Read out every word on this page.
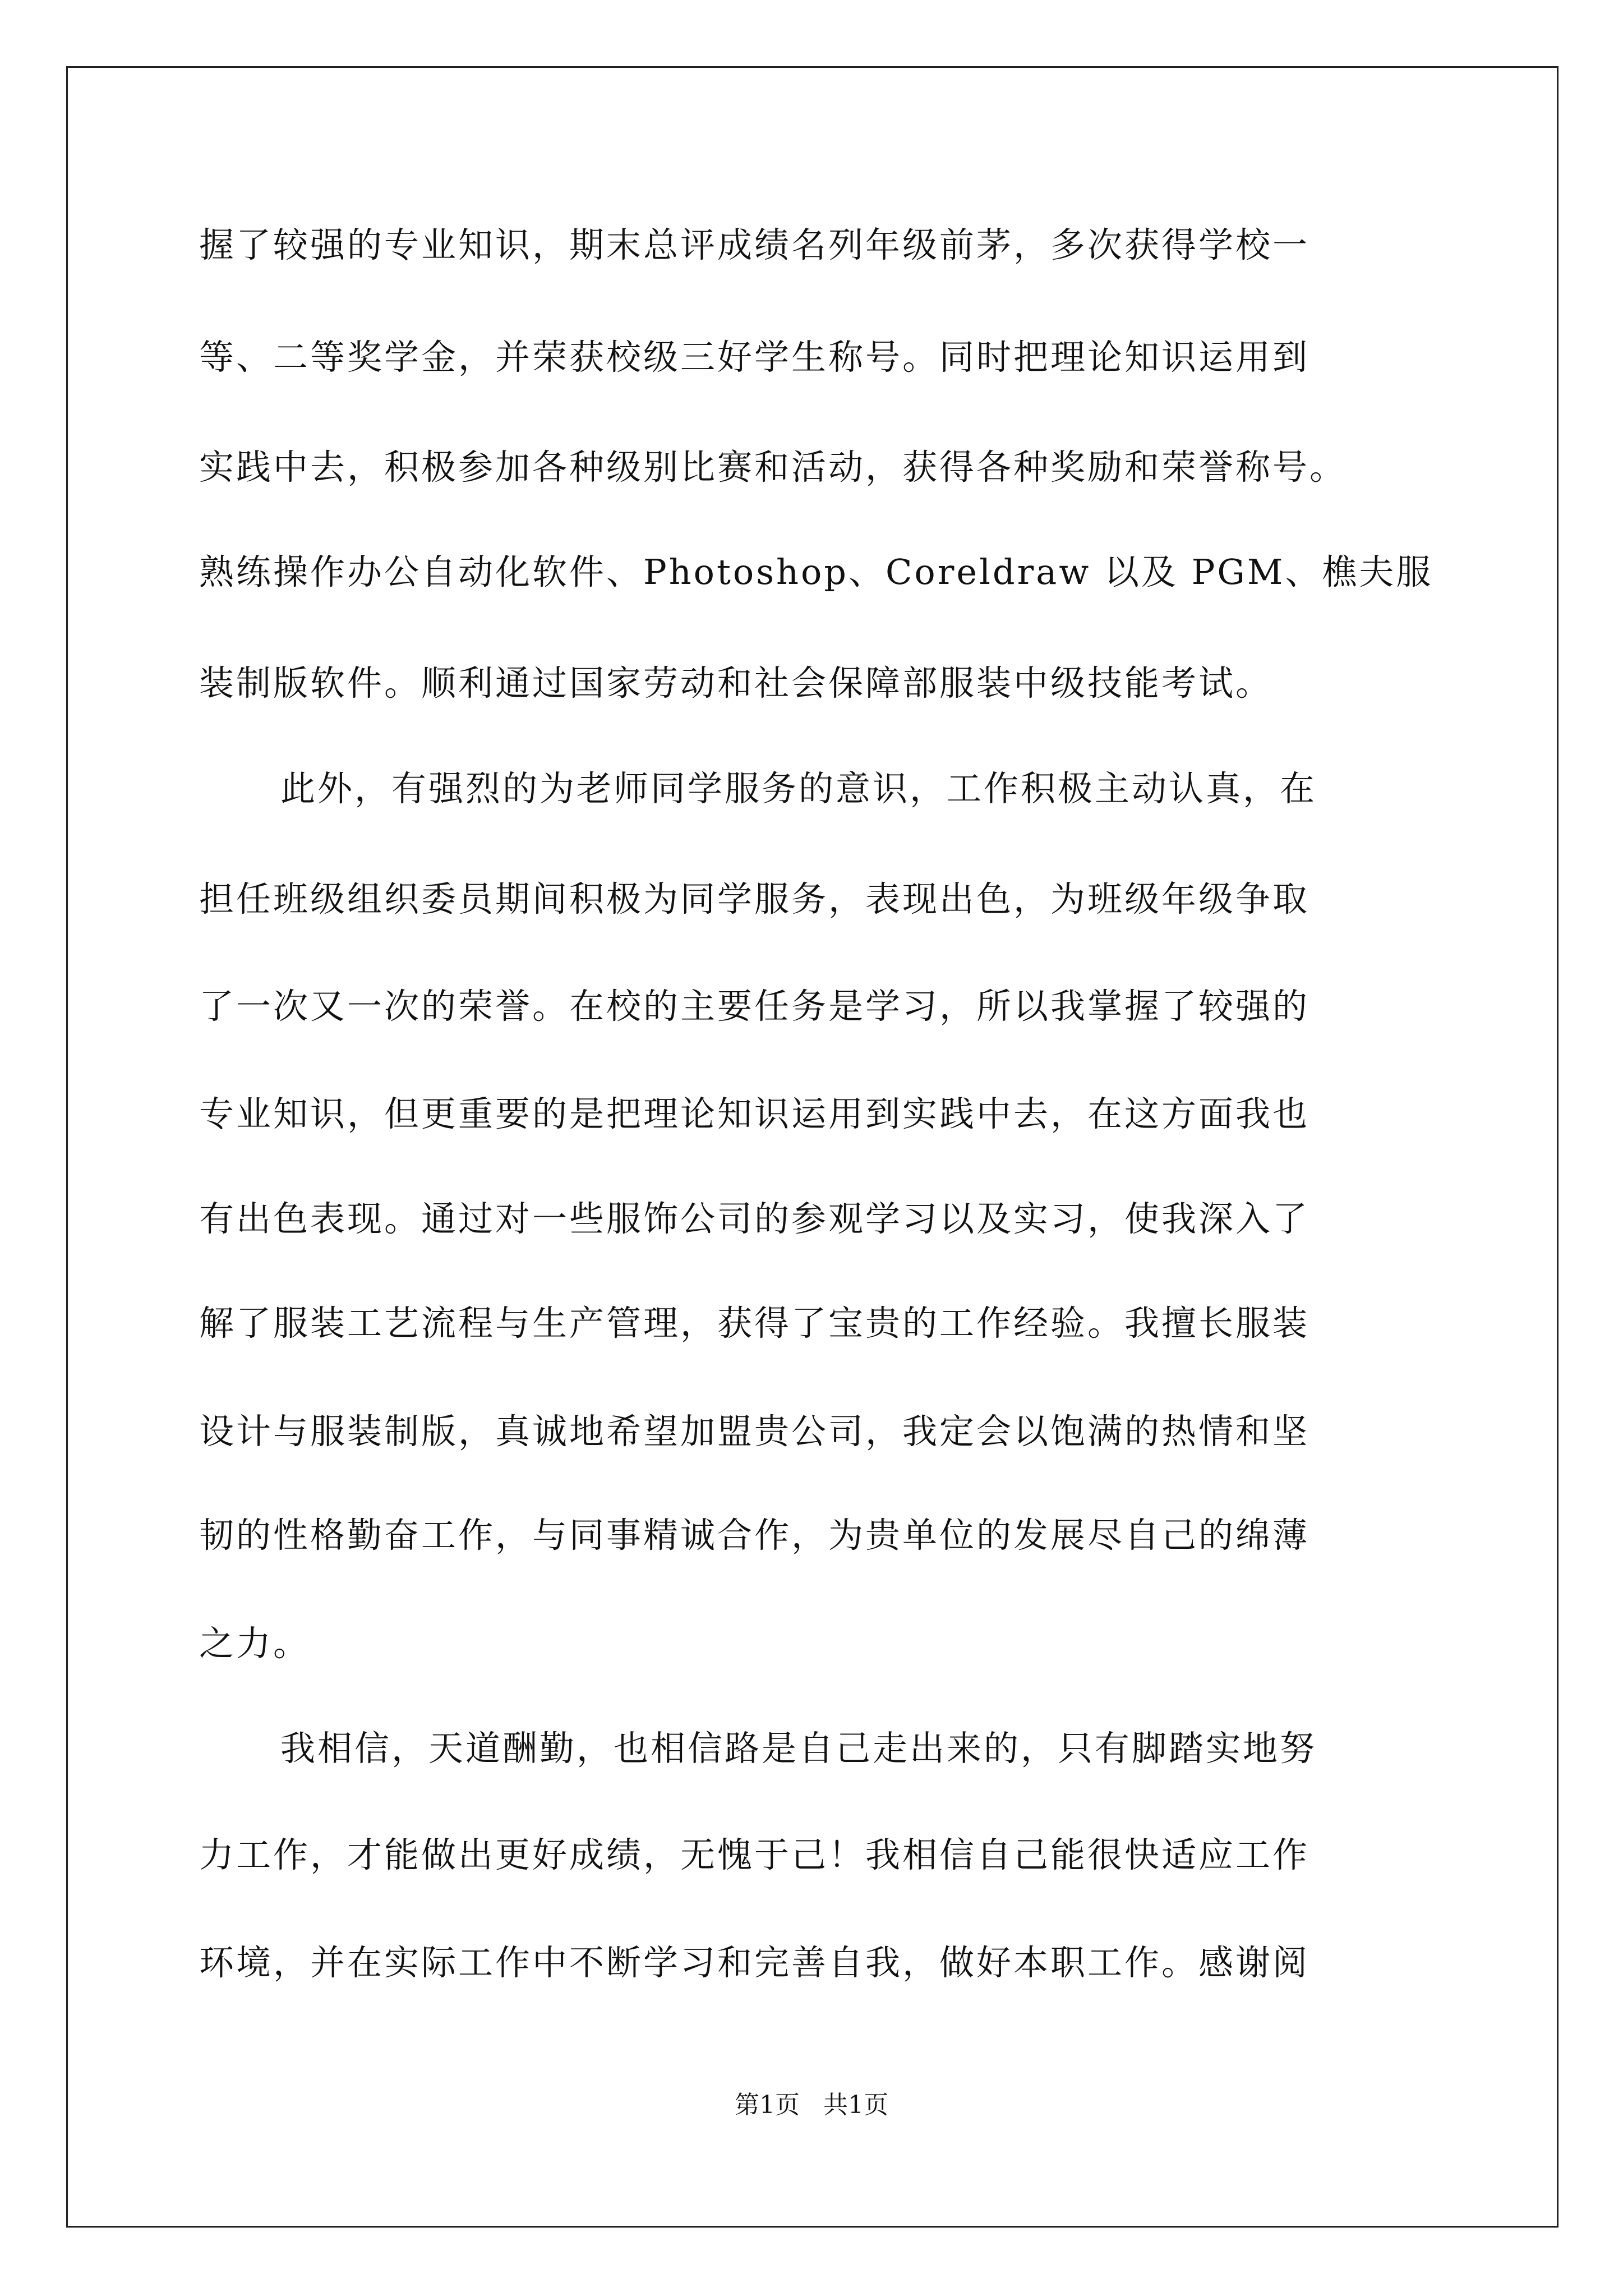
握了较强的专业知识，期末总评成绩名列年级前茅，多次获得学校一
等、二等奖学金，并荣获校级三好学生称号。同时把理论知识运用到
实践中去，积极参加各种级别比赛和活动，获得各种奖励和荣誉称号。
熟练操作办公自动化软件、Photoshop、Coreldraw 以及 PGM、樵夫服
装制版软件。顺利通过国家劳动和社会保障部服装中级技能考试。
此外，有强烈的为老师同学服务的意识，工作积极主动认真，在
担任班级组织委员期间积极为同学服务，表现出色，为班级年级争取
了一次又一次的荣誉。在校的主要任务是学习，所以我掌握了较强的
专业知识，但更重要的是把理论知识运用到实践中去，在这方面我也
有出色表现。通过对一些服饰公司的参观学习以及实习，使我深入了
解了服装工艺流程与生产管理，获得了宝贵的工作经验。我擅长服装
设计与服装制版，真诚地希望加盟贵公司，我定会以饱满的热情和坚
韧的性格勤奋工作，与同事精诚合作，为贵单位的发展尽自己的绵薄
之力。
我相信，天道酬勤，也相信路是自己走出来的，只有脚踏实地努
力工作，才能做出更好成绩，无愧于己！我相信自己能很快适应工作
环境，并在实际工作中不断学习和完善自我，做好本职工作。感谢阅
第1页   共1页
